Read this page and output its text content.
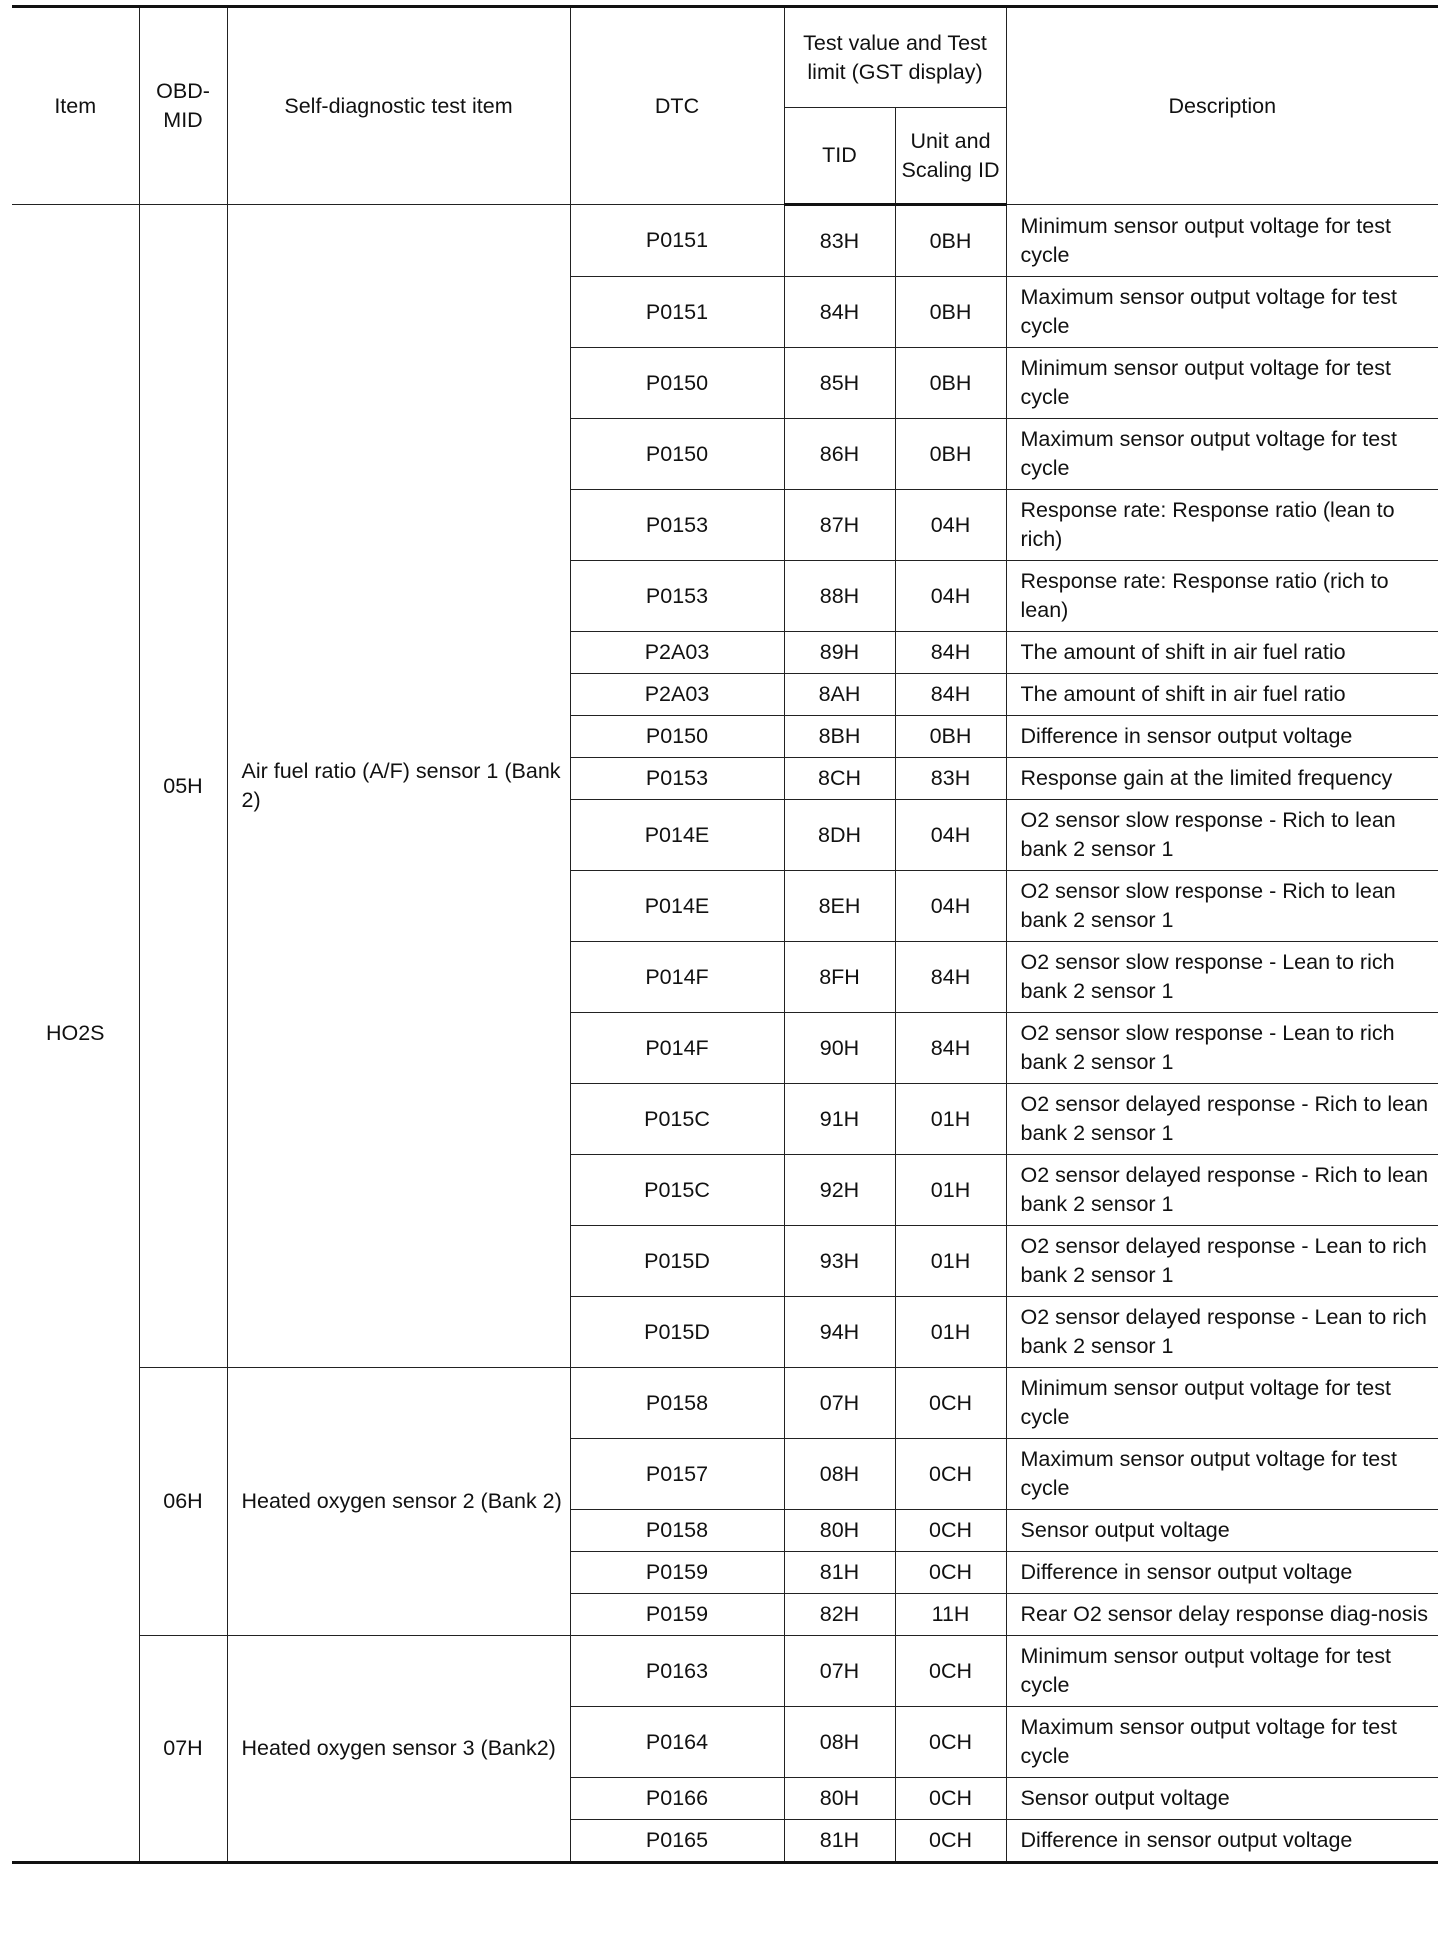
Item	OBD-MID	Self-diagnostic test item	DTC	Test value and Test limit (GST display)		Description
				TID	Unit and Scaling ID	
HO2S	05H	Air fuel ratio (A/F) sensor 1 (Bank 2)	P0151	83H	0BH	Minimum sensor output voltage for test cycle
			P0151	84H	0BH	Maximum sensor output voltage for test cycle
			P0150	85H	0BH	Minimum sensor output voltage for test cycle
			P0150	86H	0BH	Maximum sensor output voltage for test cycle
			P0153	87H	04H	Response rate: Response ratio (lean to rich)
			P0153	88H	04H	Response rate: Response ratio (rich to lean)
			P2A03	89H	84H	The amount of shift in air fuel ratio
			P2A03	8AH	84H	The amount of shift in air fuel ratio
			P0150	8BH	0BH	Difference in sensor output voltage
			P0153	8CH	83H	Response gain at the limited frequency
			P014E	8DH	04H	O2 sensor slow response - Rich to lean bank 2 sensor 1
			P014E	8EH	04H	O2 sensor slow response - Rich to lean bank 2 sensor 1
			P014F	8FH	84H	O2 sensor slow response - Lean to rich bank 2 sensor 1
			P014F	90H	84H	O2 sensor slow response - Lean to rich bank 2 sensor 1
			P015C	91H	01H	O2 sensor delayed response - Rich to lean bank 2 sensor 1
			P015C	92H	01H	O2 sensor delayed response - Rich to lean bank 2 sensor 1
			P015D	93H	01H	O2 sensor delayed response - Lean to rich bank 2 sensor 1
			P015D	94H	01H	O2 sensor delayed response - Lean to rich bank 2 sensor 1
	06H	Heated oxygen sensor 2 (Bank 2)	P0158	07H	0CH	Minimum sensor output voltage for test cycle
			P0157	08H	0CH	Maximum sensor output voltage for test cycle
			P0158	80H	0CH	Sensor output voltage
			P0159	81H	0CH	Difference in sensor output voltage
			P0159	82H	11H	Rear O2 sensor delay response diag-nosis
	07H	Heated oxygen sensor 3 (Bank2)	P0163	07H	0CH	Minimum sensor output voltage for test cycle
			P0164	08H	0CH	Maximum sensor output voltage for test cycle
			P0166	80H	0CH	Sensor output voltage
			P0165	81H	0CH	Difference in sensor output voltage
